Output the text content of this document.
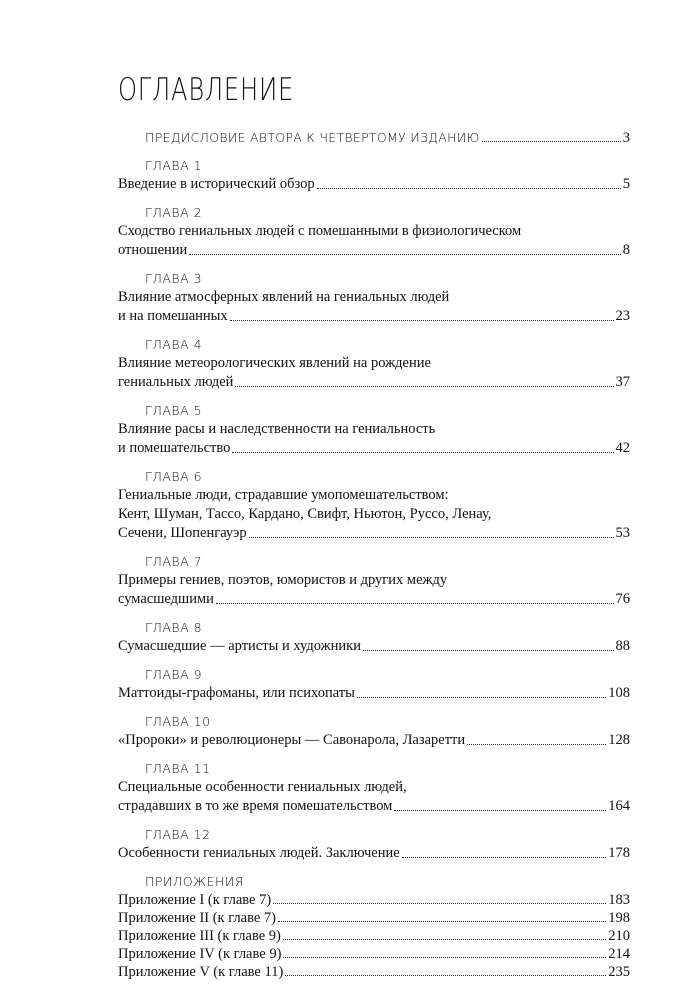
ОГЛАВЛЕНИЕ
ПРЕДИСЛОВИЕ АВТОРА К ЧЕТВЕРТОМУ ИЗДАНИЮ	3
ГЛАВА 1
Введение в исторический обзор	5
ГЛАВА 2
Сходство гениальных людей с помешанными в физиологическом
отношении	8
ГЛАВА 3
Влияние атмосферных явлений на гениальных людей
и на помешанных	23
ГЛАВА 4
Влияние метеорологических явлений на рождение
гениальных людей	37
ГЛАВА 5
Влияние расы и наследственности на гениальность
и помешательство	42
ГЛАВА 6
Гениальные люди, страдавшие умопомешательством:
Кент, Шуман, Тассо, Кардано, Свифт, Ньютон, Руссо, Ленау,
Сечени, Шопенгауэр	53
ГЛАВА 7
Примеры гениев, поэтов, юмористов и других между
сумасшедшими	76
ГЛАВА 8
Сумасшедшие — артисты и художники	88
ГЛАВА 9
Маттоиды-графоманы, или психопаты	108
ГЛАВА 10
«Пророки» и революционеры — Савонарола, Лазаретти	128
ГЛАВА 11
Специальные особенности гениальных людей,
страдавших в то же время помешательством	164
ГЛАВА 12
Особенности гениальных людей. Заключение	178
ПРИЛОЖЕНИЯ
Приложение I (к главе 7)	183
Приложение II (к главе 7)	198
Приложение III (к главе 9)	210
Приложение IV (к главе 9)	214
Приложение V (к главе 11)	235
